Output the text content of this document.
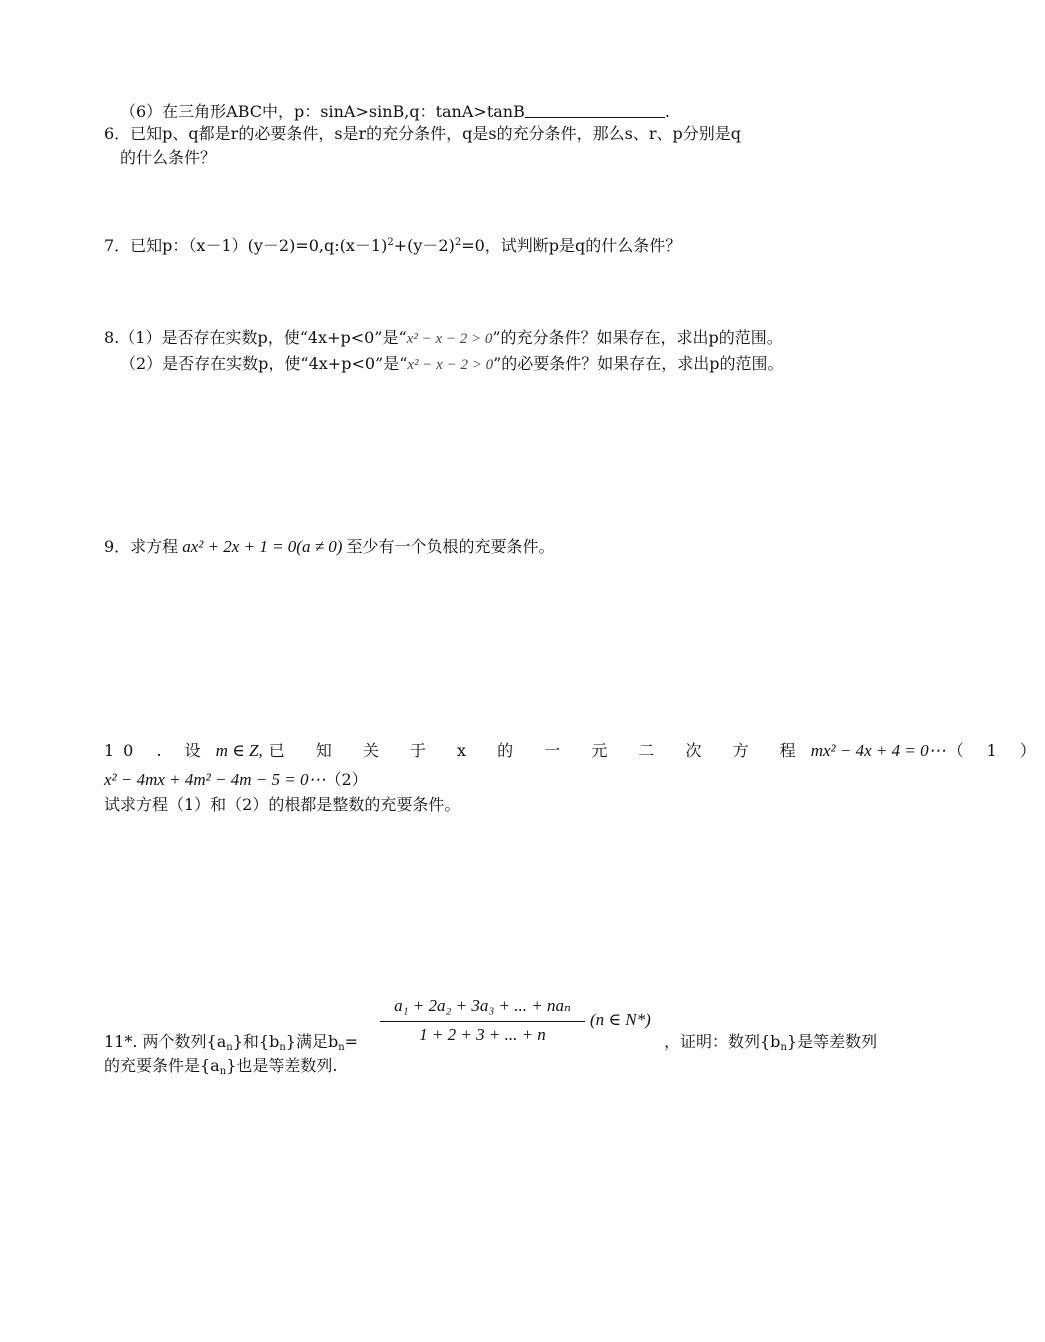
（6）在三角形ABC中，p：sinA>sinB,q：tanA>tanB	.
6．已知p、q都是r的必要条件，s是r的充分条件，q是s的充分条件，那么s、r、p分别是q
的什么条件？
7．已知p：$(x-1)(y-2)=0,q:(x-1)^2+(y-2)^2=0$，试判断p是q的什么条件？
8.（1）是否存在实数p，使“4x+p<0”是“x² − x − 2 > 0”的充分条件？如果存在，求出p的范围。
（2）是否存在实数p，使“4x+p<0”是“x² − x − 2 > 0”的必要条件？如果存在，求出p的范围。
9．求方程 ax² + 2x + 1 = 0(a ≠ 0) 至少有一个负根的充要条件。
10 . 设 m ∈ Z, 已 知 关 于 x 的 一 元 二 次 方 程 mx² − 4x + 4 = 0⋯ （ 1 ）
x² − 4mx + 4m² − 4m − 5 = 0⋯（2）
试求方程（1）和（2）的根都是整数的充要条件。
a₁ + 2a₂ + 3a₃ + ... + naₙ
1 + 2 + 3 + ... + n
(n ∈ N*)
11*. 两个数列$\{a_n\}$和$\{b_n\}$满足$b_n=$	，证明：数列$\{b_n\}$是等差数列
的充要条件是$\{a_n\}$也是等差数列.
